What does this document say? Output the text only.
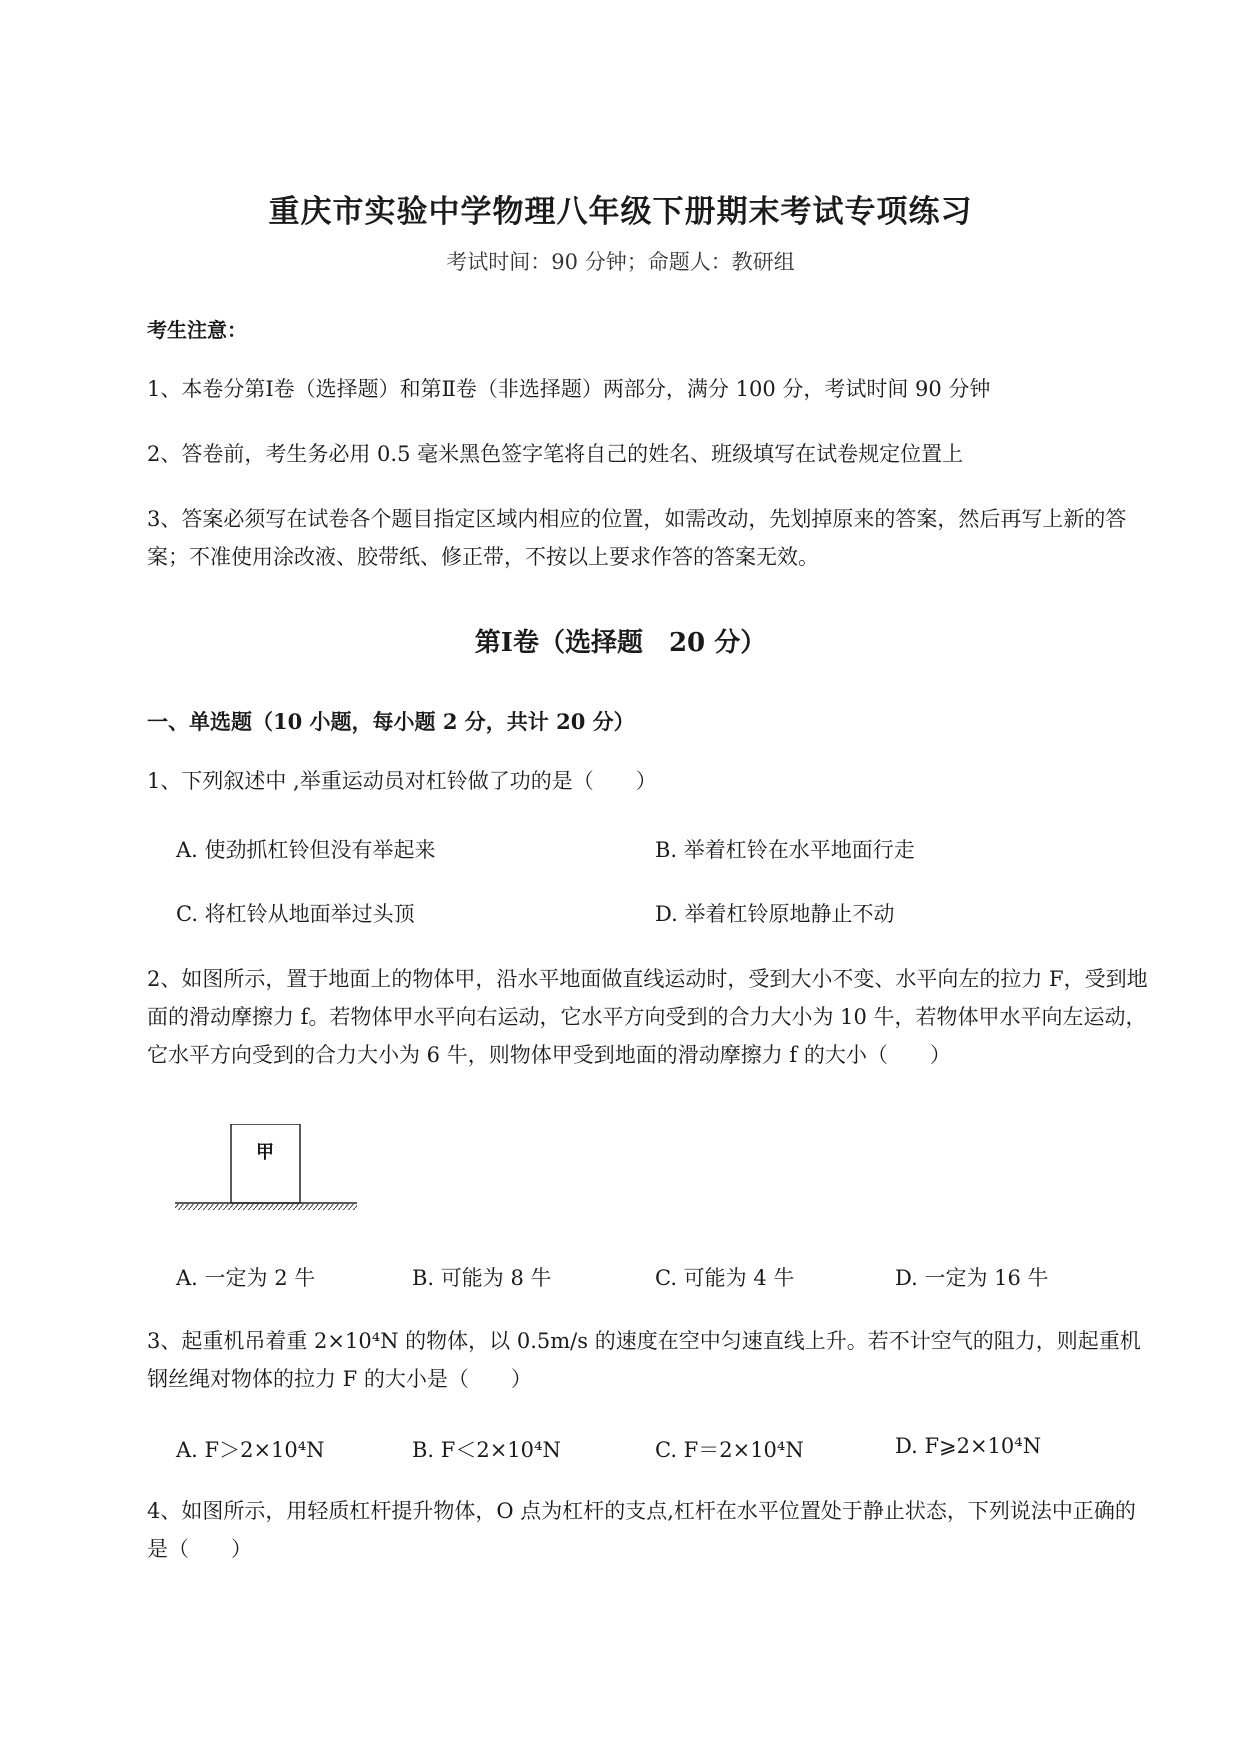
重庆市实验中学物理八年级下册期末考试专项练习
考试时间：90 分钟；命题人：教研组
考生注意：
1、本卷分第Ⅰ卷（选择题）和第Ⅱ卷（非选择题）两部分，满分 100 分，考试时间 90 分钟
2、答卷前，考生务必用 0.5 毫米黑色签字笔将自己的姓名、班级填写在试卷规定位置上
3、答案必须写在试卷各个题目指定区域内相应的位置，如需改动，先划掉原来的答案，然后再写上新的答案；不准使用涂改液、胶带纸、修正带，不按以上要求作答的答案无效。
第Ⅰ卷（选择题　20 分）
一、单选题（10 小题，每小题 2 分，共计 20 分）
1、下列叙述中 ,举重运动员对杠铃做了功的是（　　）
A. 使劲抓杠铃但没有举起来	B. 举着杠铃在水平地面行走
C. 将杠铃从地面举过头顶	D. 举着杠铃原地静止不动
2、如图所示，置于地面上的物体甲，沿水平地面做直线运动时，受到大小不变、水平向左的拉力 F，受到地面的滑动摩擦力 f。若物体甲水平向右运动，它水平方向受到的合力大小为 10 牛，若物体甲水平向左运动，它水平方向受到的合力大小为 6 牛，则物体甲受到地面的滑动摩擦力 f 的大小（　　）
甲
A. 一定为 2 牛	B. 可能为 8 牛	C. 可能为 4 牛	D. 一定为 16 牛
3、起重机吊着重 2×10⁴N 的物体，以 0.5m/s 的速度在空中匀速直线上升。若不计空气的阻力，则起重机钢丝绳对物体的拉力 F 的大小是（　　）
A. F＞2×10⁴N	B. F＜2×10⁴N	C. F＝2×10⁴N	D. F⩾2×10⁴N
4、如图所示，用轻质杠杆提升物体，O 点为杠杆的支点,杠杆在水平位置处于静止状态，下列说法中正确的是（　　）
